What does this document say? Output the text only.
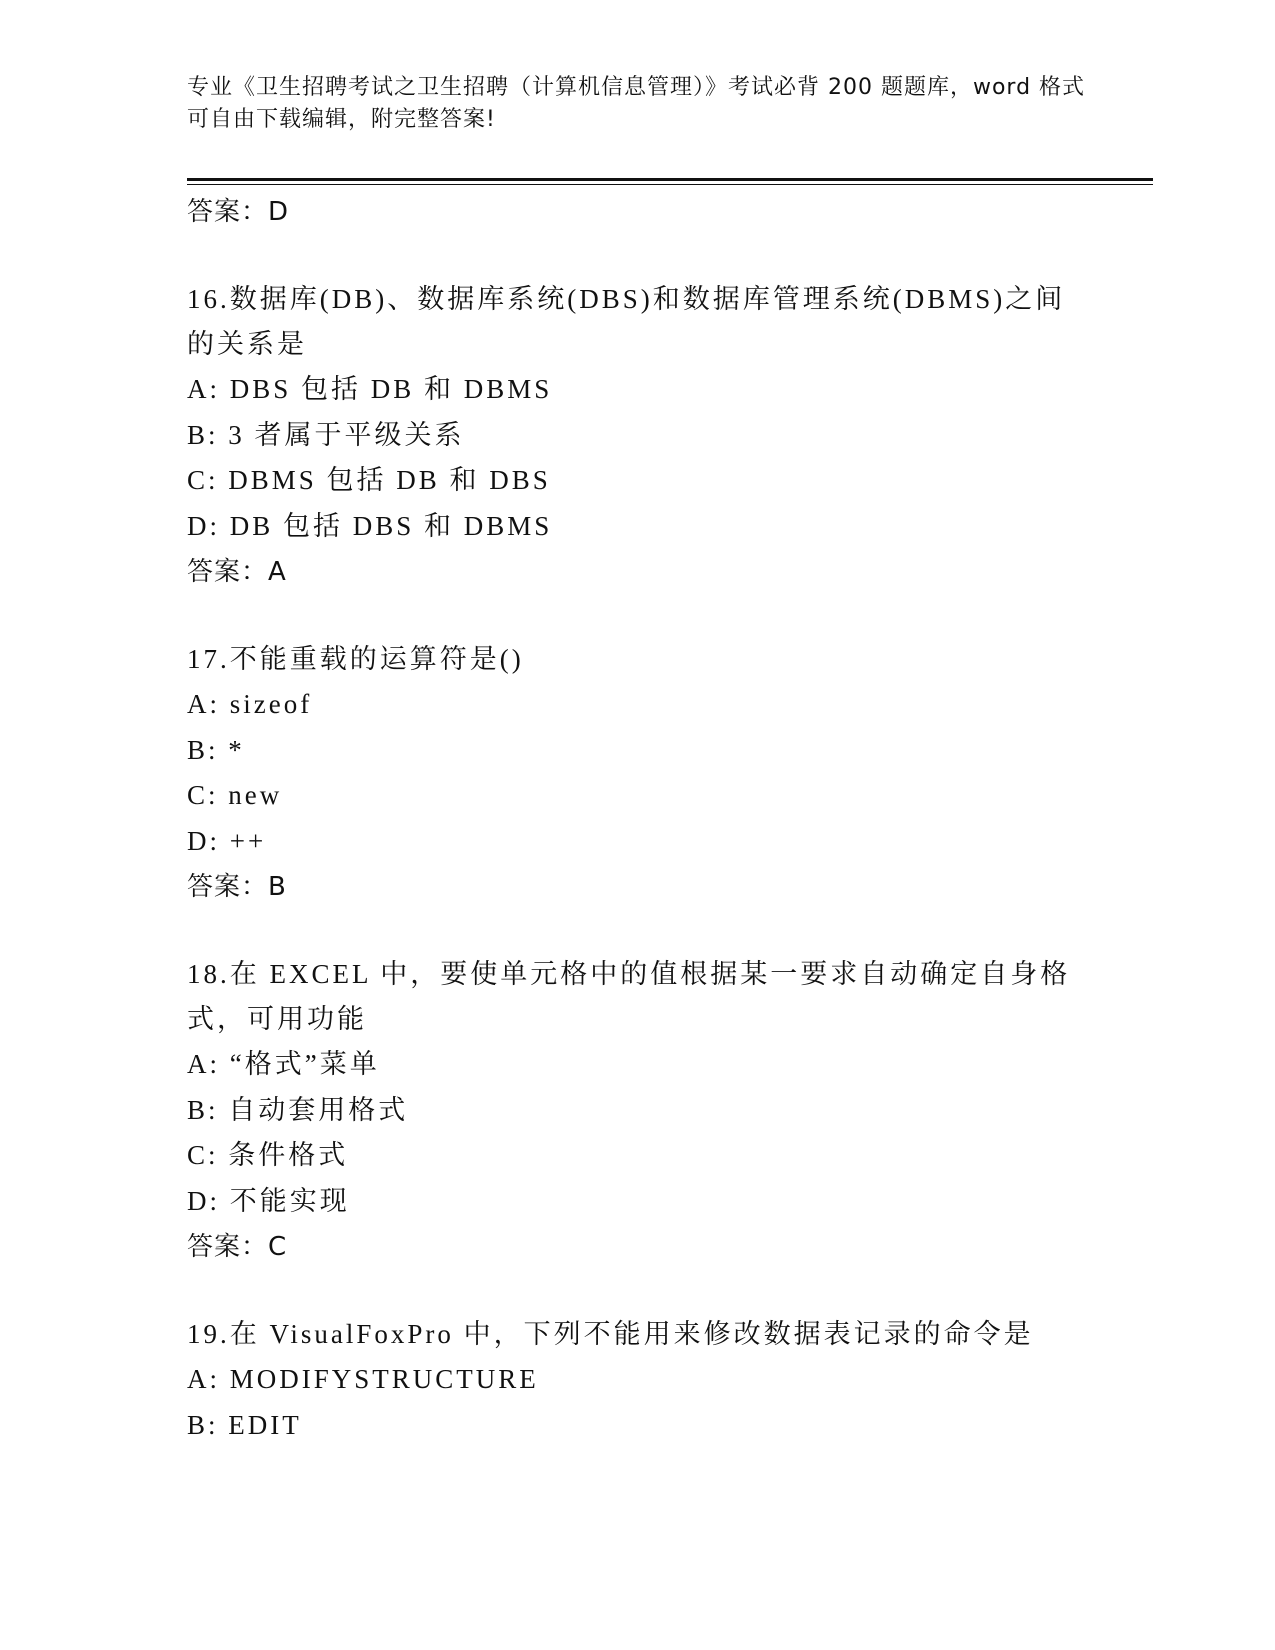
专业《卫生招聘考试之卫生招聘（计算机信息管理）》考试必背 200 题题库，word 格式可自由下载编辑，附完整答案!
答案：D
16.数据库(DB)、数据库系统(DBS)和数据库管理系统(DBMS)之间的关系是
A: DBS 包括 DB 和 DBMS
B: 3 者属于平级关系
C: DBMS 包括 DB 和 DBS
D: DB 包括 DBS 和 DBMS
答案：A
17.不能重载的运算符是()
A: sizeof
B: *
C: new
D: ++
答案：B
18.在 EXCEL 中，要使单元格中的值根据某一要求自动确定自身格式，可用功能
A: “格式”菜单
B: 自动套用格式
C: 条件格式
D: 不能实现
答案：C
19.在 VisualFoxPro 中，下列不能用来修改数据表记录的命令是
A: MODIFYSTRUCTURE
B: EDIT
